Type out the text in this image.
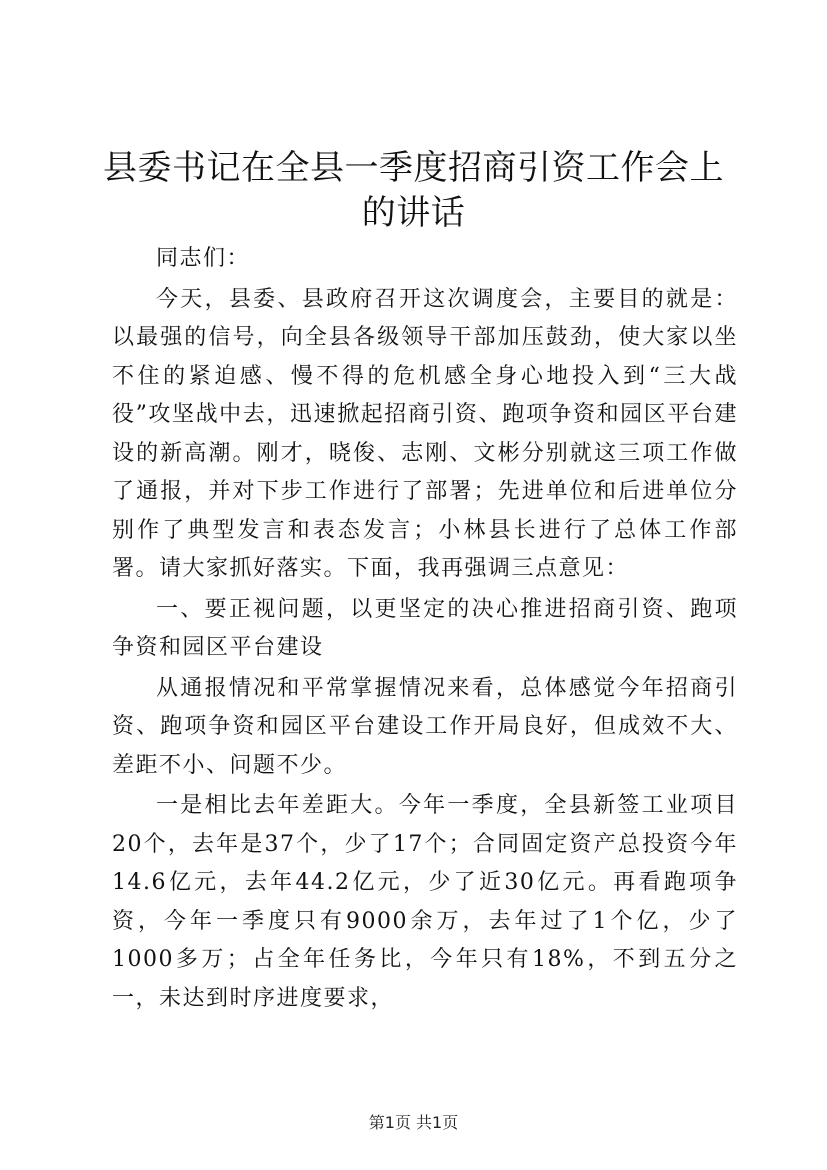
县委书记在全县一季度招商引资工作会上的讲话

同志们：

今天，县委、县政府召开这次调度会，主要目的就是：以最强的信号，向全县各级领导干部加压鼓劲，使大家以坐不住的紧迫感、慢不得的危机感全身心地投入到“三大战役”攻坚战中去，迅速掀起招商引资、跑项争资和园区平台建设的新高潮。刚才，晓俊、志刚、文彬分别就这三项工作做了通报，并对下步工作进行了部署；先进单位和后进单位分别作了典型发言和表态发言；小林县长进行了总体工作部署。请大家抓好落实。下面，我再强调三点意见：

一、要正视问题，以更坚定的决心推进招商引资、跑项争资和园区平台建设

从通报情况和平常掌握情况来看，总体感觉今年招商引资、跑项争资和园区平台建设工作开局良好，但成效不大、差距不小、问题不少。

一是相比去年差距大。今年一季度，全县新签工业项目20个，去年是37个，少了17个；合同固定资产总投资今年14.6亿元，去年44.2亿元，少了近30亿元。再看跑项争资，今年一季度只有9000余万，去年过了1个亿，少了1000多万；占全年任务比，今年只有18%，不到五分之一，未达到时序进度要求，

第1页 共1页
